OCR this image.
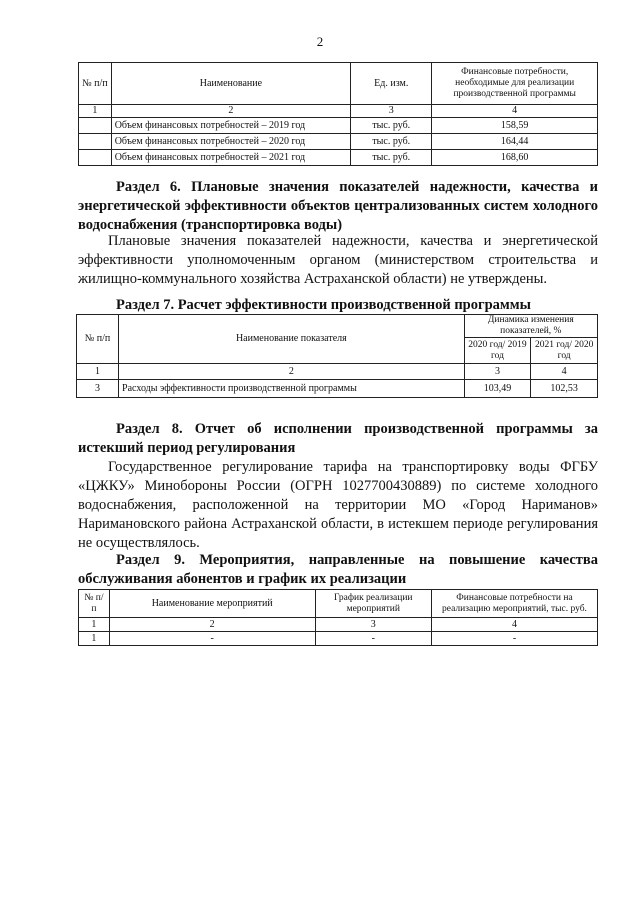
2
№ п/п	Наименование	Ед. изм.	Финансовые потребности, необходимые для реализации производственной программы
1	2	3	4
	Объем финансовых потребностей – 2019 год	тыс. руб.	158,59
	Объем финансовых потребностей – 2020 год	тыс. руб.	164,44
	Объем финансовых потребностей – 2021 год	тыс. руб.	168,60
Раздел 6. Плановые значения показателей надежности, качества и энергетической эффективности объектов централизованных систем холодного водоснабжения (транспортировка воды)
Плановые значения показателей надежности, качества и энергетической эффективности уполномоченным органом (министерством строительства и жилищно-коммунального хозяйства Астраханской области) не утверждены.
Раздел 7. Расчет эффективности производственной программы
№ п/п	Наименование показателя	Динамика изменения показателей, %	
		2020 год/ 2019 год	2021 год/ 2020 год
1	2	3	4
3	Расходы эффективности производственной программы	103,49	102,53
Раздел 8. Отчет об исполнении производственной программы за истекший период регулирования
Государственное регулирование тарифа на транспортировку воды ФГБУ «ЦЖКУ» Минобороны России (ОГРН 1027700430889) по системе холодного водоснабжения, расположенной на территории МО «Город Нариманов» Наримановского района Астраханской области, в истекшем периоде регулирования не осуществлялось.
Раздел 9. Мероприятия, направленные на повышение качества обслуживания абонентов и график их реализации
№ п/п	Наименование мероприятий	График реализации мероприятий	Финансовые потребности на реализацию мероприятий, тыс. руб.
1	2	3	4
1	-	-	-
